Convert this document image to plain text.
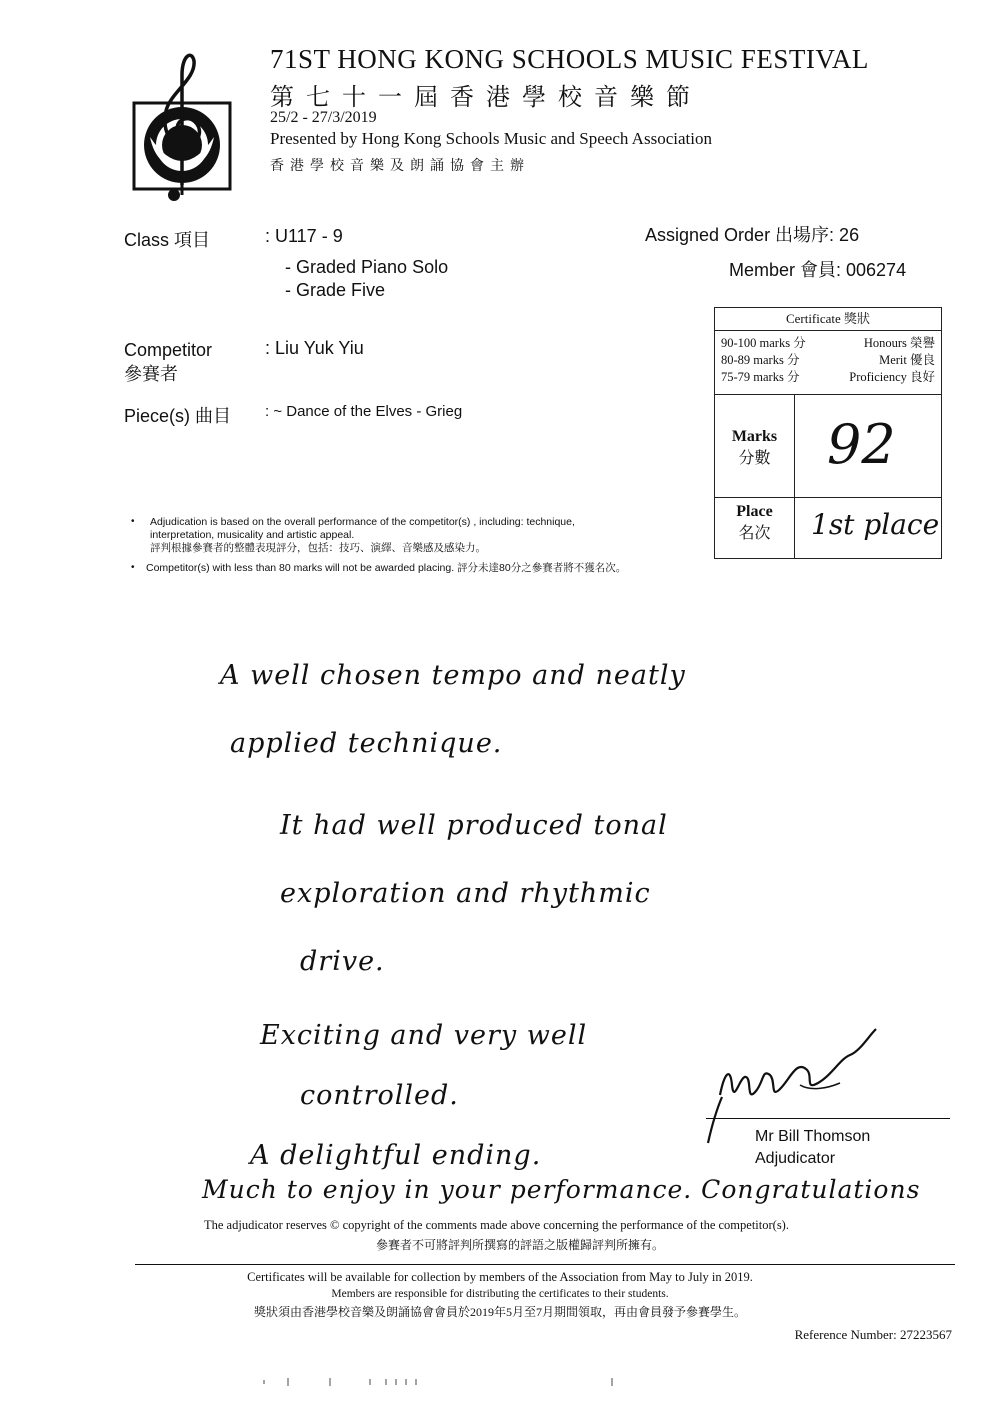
71ST HONG KONG SCHOOLS MUSIC FESTIVAL
第七十一屆香港學校音樂節
25/2 - 27/3/2019
Presented by Hong Kong Schools Music and Speech Association
香港學校音樂及朗誦協會主辦
Class 項目	: U117 - 9
- Graded Piano Solo
- Grade Five
Assigned Order 出場序: 26
Member 會員: 006274
Competitor
參賽者
: Liu Yuk Yiu
Piece(s) 曲目 : ~ Dance of the Elves - Grieg
Certificate 獎狀
90-100 marks 分	Honours 榮譽
80-89 marks 分	Merit 優良
75-79 marks 分	Proficiency 良好
Marks
分數	92
Place
名次	1st place
• Adjudication is based on the overall performance of the competitor(s) , including: technique,
interpretation, musicality and artistic appeal.
評判根據參賽者的整體表現評分，包括：技巧、演繹、音樂感及感染力。
• Competitor(s) with less than 80 marks will not be awarded placing. 評分未達80分之參賽者將不獲名次。
A well chosen tempo and neatly
applied technique.
It had well produced tonal
exploration and rhythmic
drive.
Exciting and very well
controlled.
A delightful ending.
Much to enjoy in your performance. Congratulations
Mr Bill Thomson
Adjudicator
The adjudicator reserves © copyright of the comments made above concerning the performance of the competitor(s).
參賽者不可將評判所撰寫的評語之版權歸評判所擁有。
Certificates will be available for collection by members of the Association from May to July in 2019.
Members are responsible for distributing the certificates to their students.
獎狀須由香港學校音樂及朗誦協會會員於2019年5月至7月期間領取，再由會員發予參賽學生。
Reference Number: 27223567
